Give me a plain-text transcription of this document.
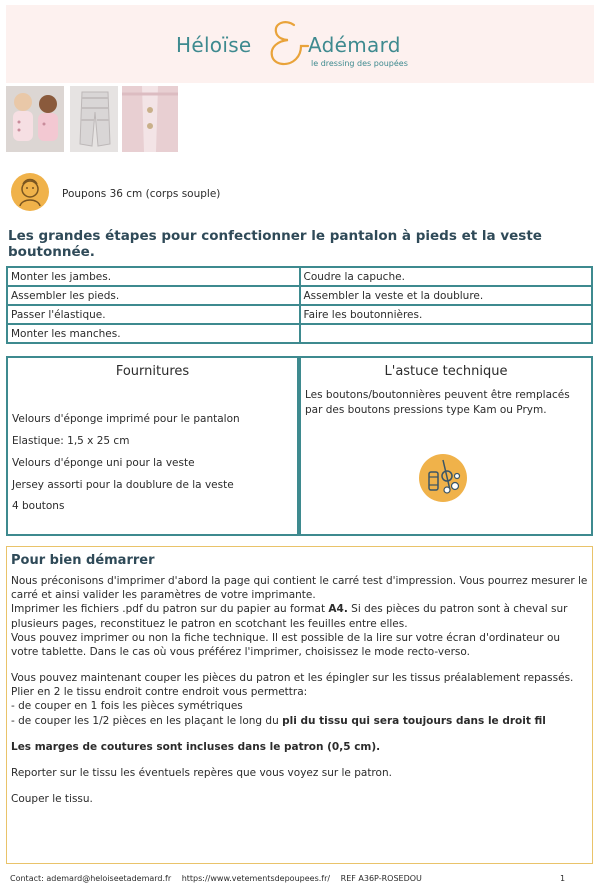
Héloïse	Adémard
le dressing des poupées
Poupons 36 cm (corps souple)
Les grandes étapes pour confectionner le pantalon à pieds et la veste boutonnée.
Monter les jambes.	Coudre la capuche.
Assembler les pieds.	Assembler la veste et la doublure.
Passer l'élastique.	Faire les boutonnières.
Monter les manches.	
Fournitures
Velours d'éponge imprimé pour le pantalon
Elastique: 1,5 x 25 cm
Velours d'éponge uni pour la veste
Jersey assorti pour la doublure de la veste
4 boutons
L'astuce technique
Les boutons/boutonnières peuvent être remplacés par des boutons pressions type Kam ou Prym.
Pour bien démarrer

Nous préconisons d'imprimer d'abord la page qui contient le carré test d'impression. Vous pourrez mesurer le carré et ainsi valider les paramètres de votre imprimante.

Imprimer les fichiers .pdf du patron sur du papier au format A4. Si des pièces du patron sont à cheval sur plusieurs pages, reconstituez le patron en scotchant les feuilles entre elles.

Vous pouvez imprimer ou non la fiche technique. Il est possible de la lire sur votre écran d'ordinateur ou votre tablette. Dans le cas où vous préférez l'imprimer, choisissez le mode recto-verso.

Vous pouvez maintenant couper les pièces du patron et les épingler sur les tissus préalablement repassés.

Plier en 2 le tissu endroit contre endroit vous permettra:

- de couper en 1 fois les pièces symétriques

- de couper les 1/2 pièces en les plaçant le long du pli du tissu qui sera toujours dans le droit fil

Les marges de coutures sont incluses dans le patron (0,5 cm).

Reporter sur le tissu les éventuels repères que vous voyez sur le patron.

Couper le tissu.

Contact: ademard@heloiseetademard.fr https://www.vetementsdepoupees.fr/ REF A36P-ROSEDOU	1
